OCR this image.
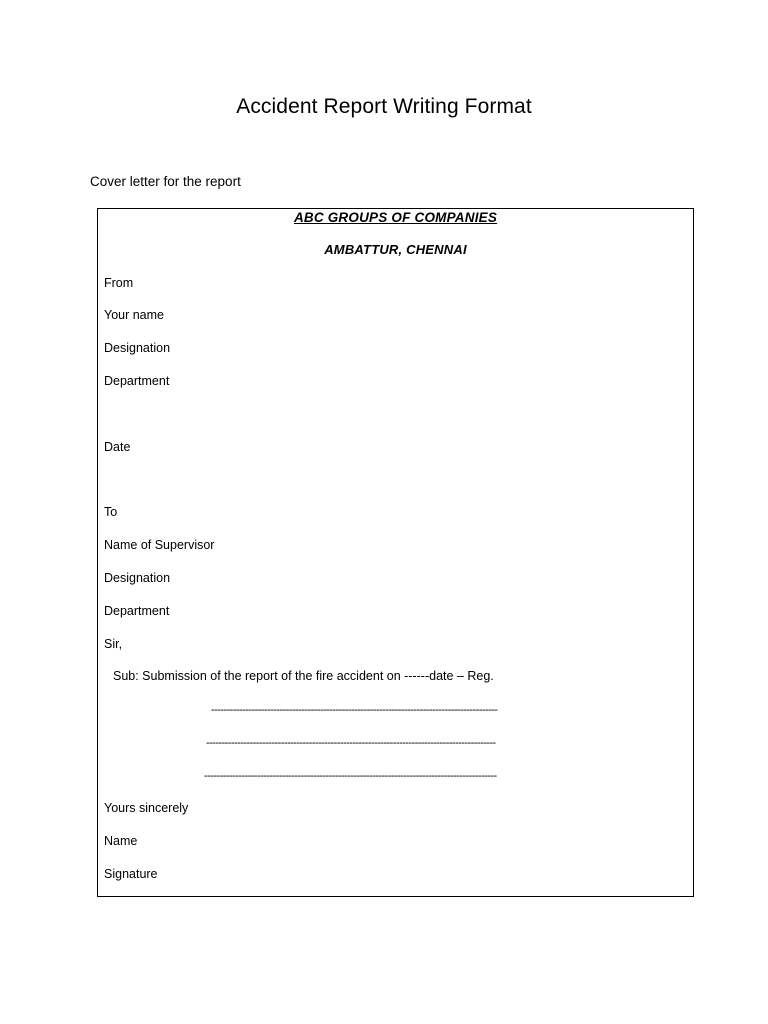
Accident Report Writing Format
Cover letter for the report
ABC GROUPS OF COMPANIES
AMBATTUR, CHENNAI
From
Your name
Designation
Department
Date
To
Name of Supervisor
Designation
Department
Sir,
Sub: Submission of the report of the fire accident on ------date – Reg.
--------------------------------------------------------------------------------------------
---------------------------------------------------------------------------------------------
----------------------------------------------------------------------------------------------
Yours sincerely
Name
Signature
